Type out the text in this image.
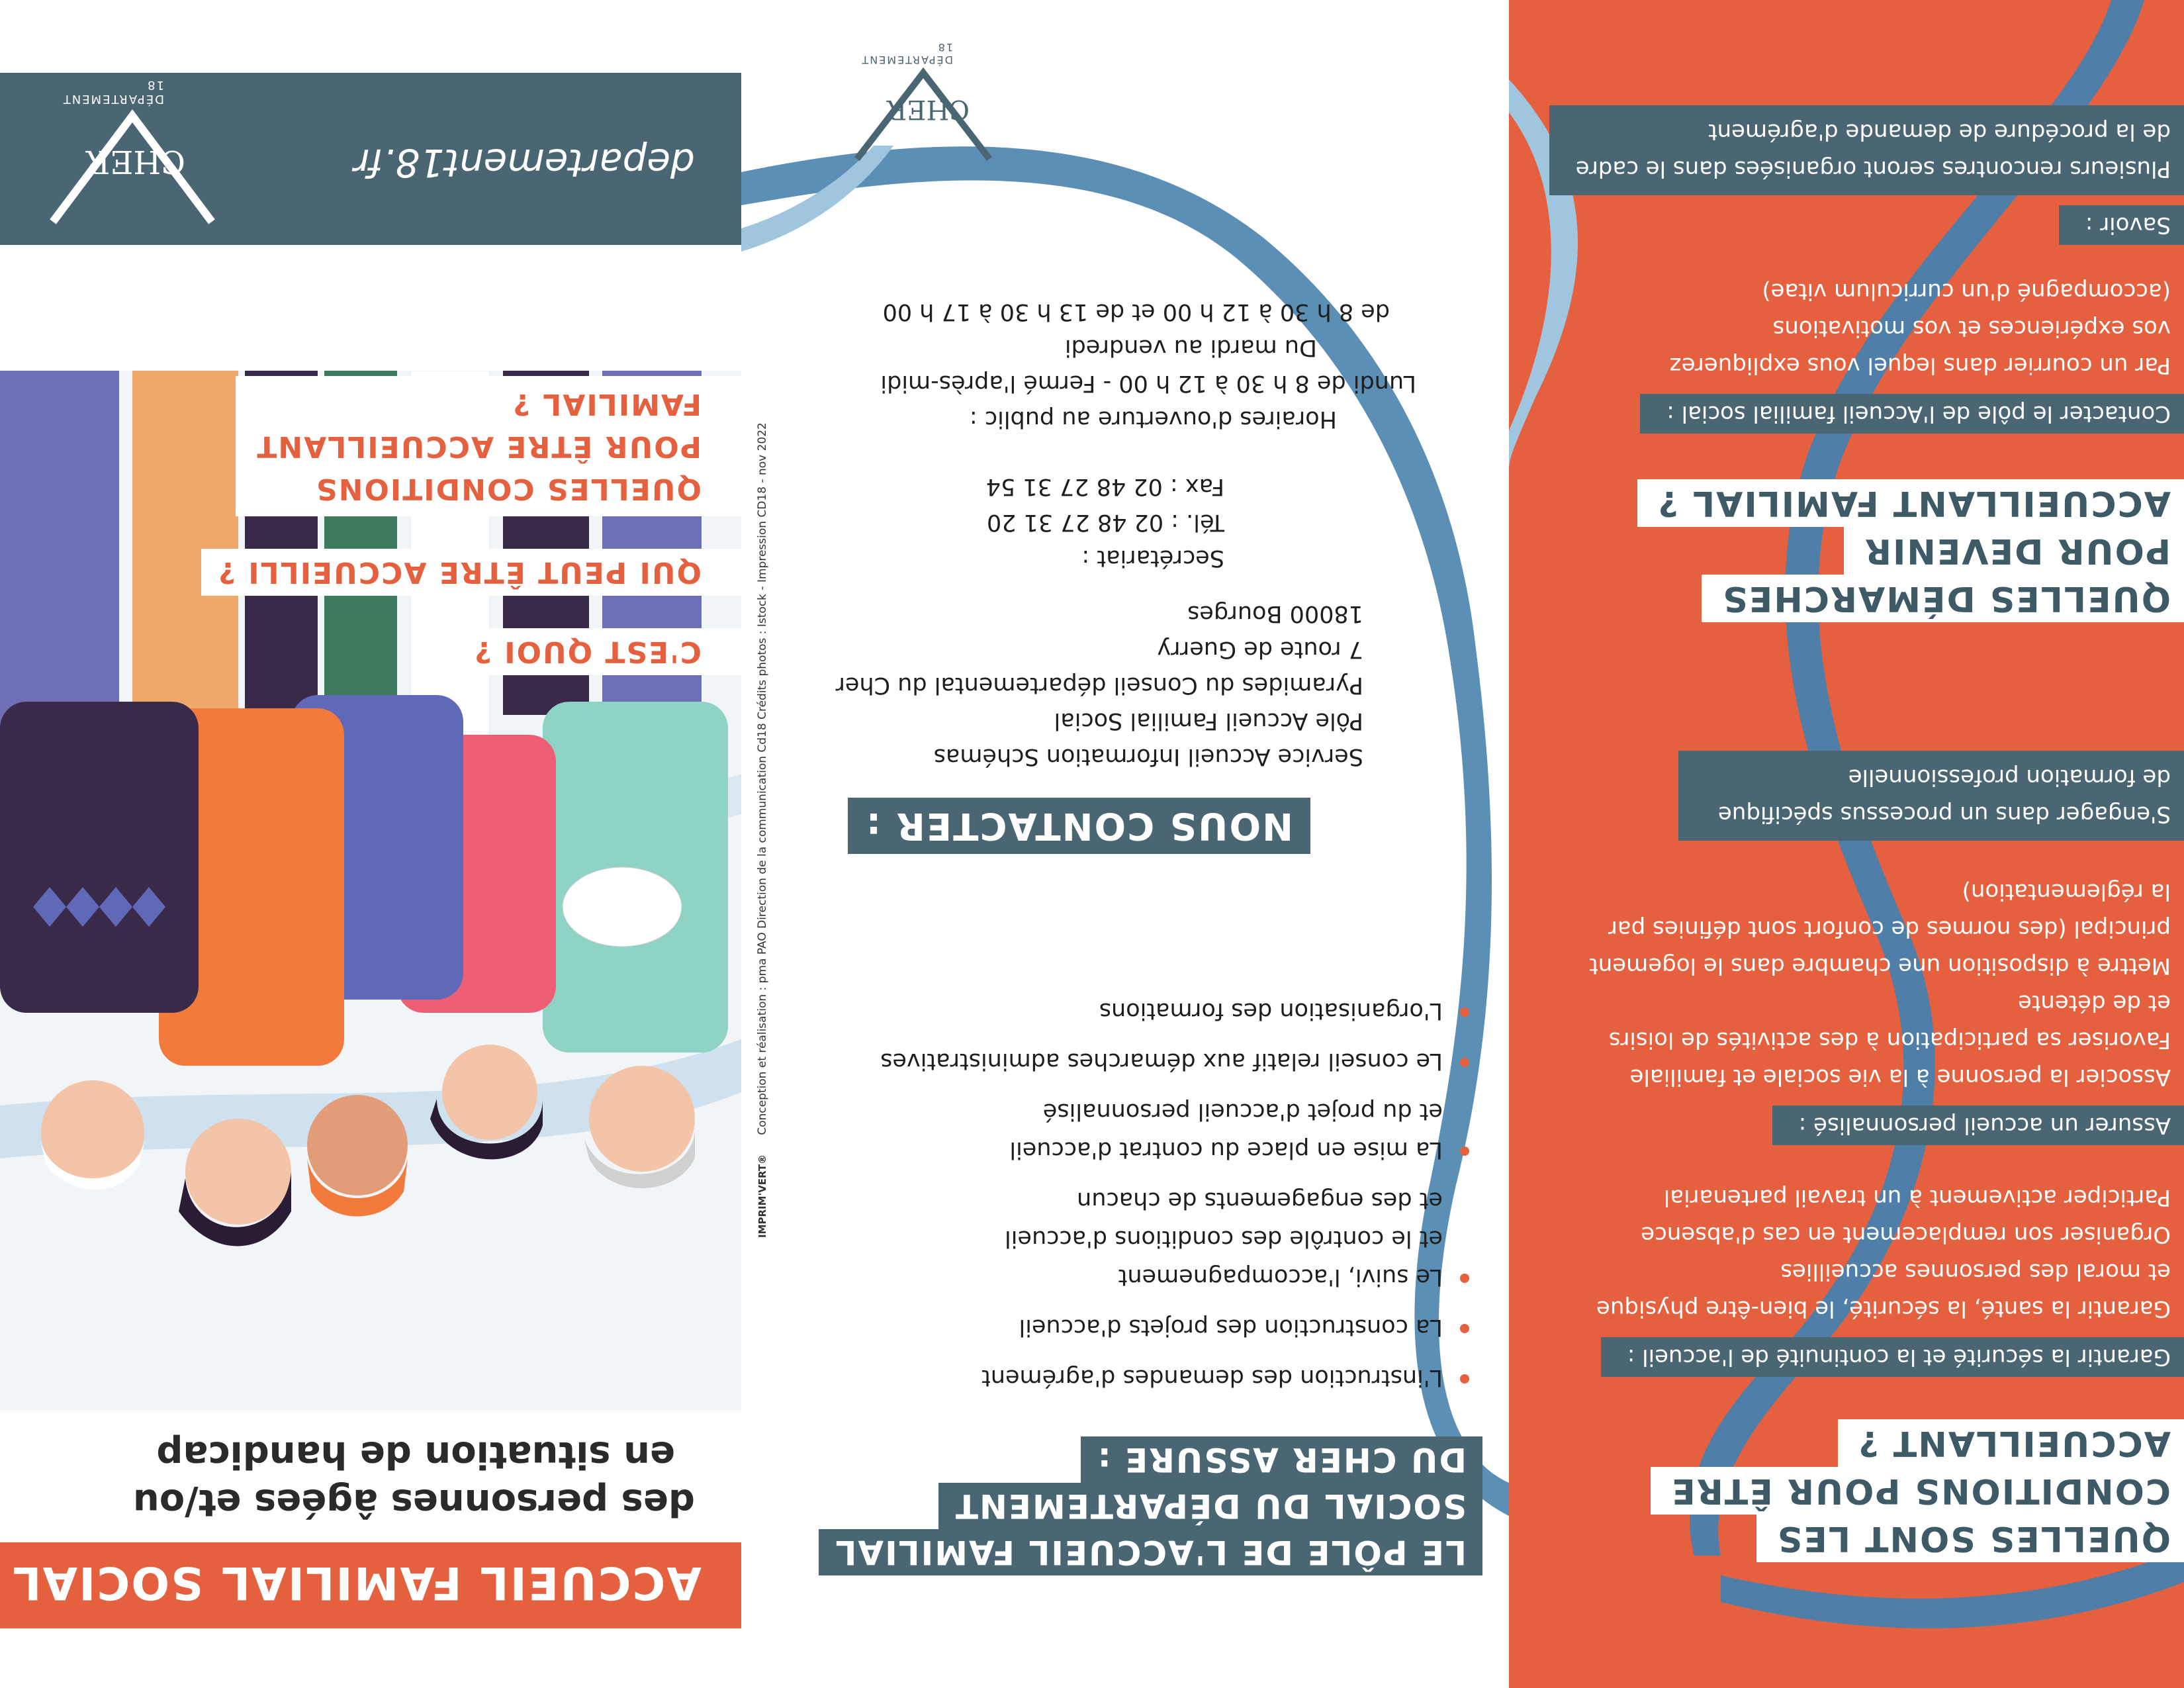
QUELLES SONT LES
CONDITIONS POUR ÊTRE
ACCUEILLANT ?
Garantir la sécurité et la continuité de l'accueil :
Garantir la santé, la sécurité, le bien-être physique
et moral des personnes accueillies
Organiser son remplacement en cas d'absence
Participer activement à un travail partenarial
Assurer un accueil personnalisé :
Associer la personne à la vie sociale et familiale
Favoriser sa participation à des activités de loisirs
et de détente
Mettre à disposition une chambre dans le logement
principal (des normes de confort sont définies par
la réglementation)
S'engager dans un processus spécifique
de formation professionnelle
QUELLES DÉMARCHES
POUR DEVENIR
ACCUEILLANT FAMILIAL ?
Contacter le pôle de l'Accueil familial social :
Par un courrier dans lequel vous expliquerez
vos expériences et vos motivations
(accompagné d'un curriculum vitae)
Savoir :
Plusieurs rencontres seront organisées dans le cadre
de la procédure de demande d'agrément
LE PÔLE DE L'ACCUEIL FAMILIAL
SOCIAL DU DÉPARTEMENT
DU CHER ASSURE :
L'instruction des demandes d'agrément
La construction des projets d'accueil
Le suivi, l'accompagnement
et le contrôle des conditions d'accueil
et des engagements de chacun
La mise en place du contrat d'accueil
et du projet d'accueil personnalisé
Le conseil relatif aux démarches administratives
L'organisation des formations
NOUS CONTACTER :
Service Accueil Information Schémas
Pôle Accueil Familial Social
Pyramides du Conseil départemental du Cher
7 route de Guerry
18000 Bourges
Secrétariat :
Tél. : 02 48 27 31 20
Fax : 02 48 27 31 54
Horaires d'ouverture au public :
Lundi de 8 h 30 à 12 h 00 - Fermé l'après-midi
Du mardi au vendredi
de 8 h 30 à 12 h 00 et de 13 h 30 à 17 h 00
CHER
DÉPARTEMENT 18
IMPRIM'VERT® Conception et réalisation : pma PAO Direction de la communication Cd18 Crédits photos : Istock - Impression CD18 - nov 2022
ACCUEIL FAMILIAL SOCIAL
des personnes âgées et/ou
en situation de handicap
C'EST QUOI ?
QUI PEUT ÊTRE ACCUEILLI ?
QUELLES CONDITIONS
POUR ÊTRE ACCUEILLANT
FAMILIAL ?
departement18.fr
CHER
DÉPARTEMENT 18
